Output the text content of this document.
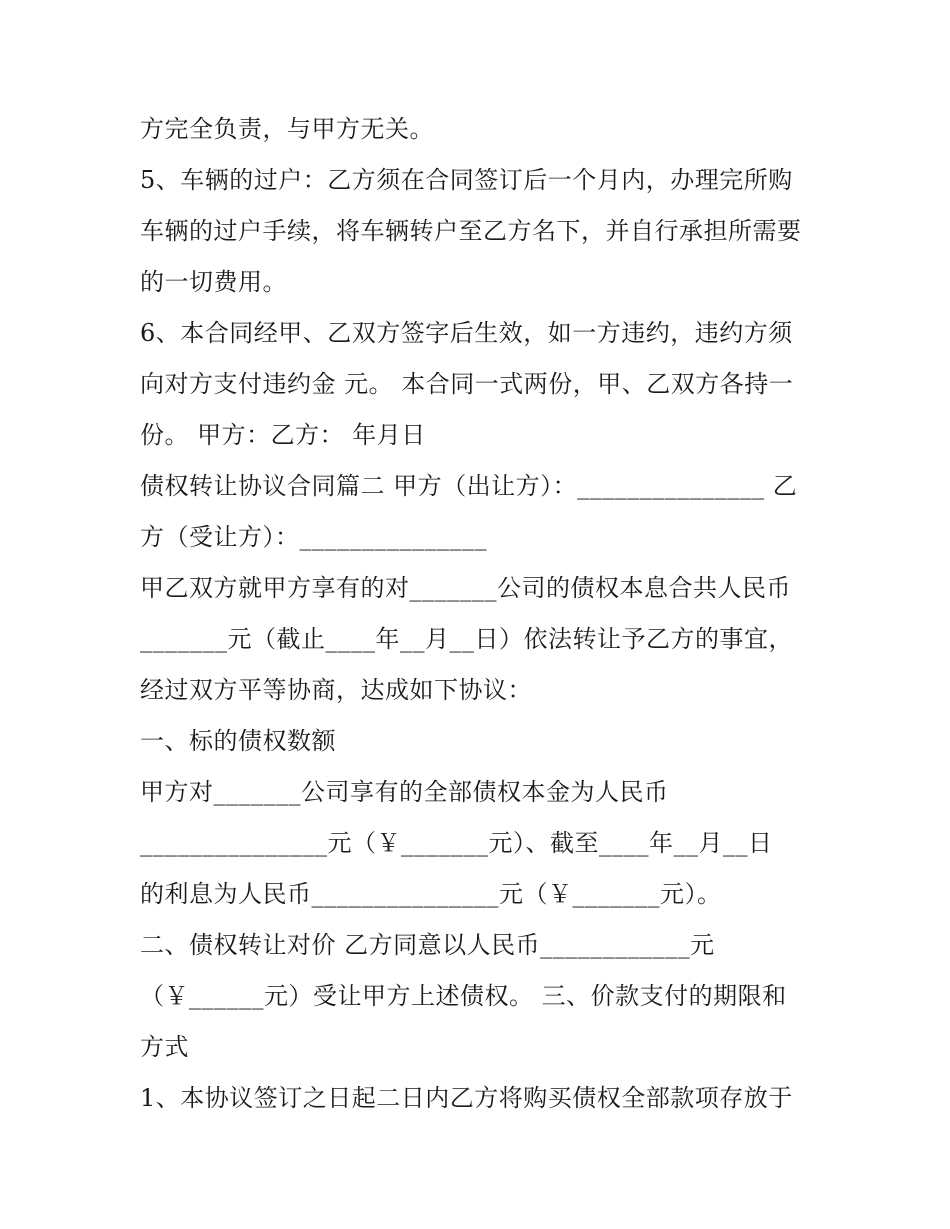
方完全负责，与甲方无关。
5、车辆的过户：乙方须在合同签订后一个月内，办理完所购
车辆的过户手续，将车辆转户至乙方名下，并自行承担所需要
的一切费用。
6、本合同经甲、乙双方签字后生效，如一方违约，违约方须
向对方支付违约金 元。 本合同一式两份，甲、乙双方各持一
份。 甲方：乙方： 年月日
债权转让协议合同篇二 甲方（出让方）：_______________ 乙
方（受让方）：_______________
甲乙双方就甲方享有的对_______公司的债权本息合共人民币
_______元（截止____年__月__日）依法转让予乙方的事宜，
经过双方平等协商，达成如下协议：
一、标的债权数额
甲方对_______公司享有的全部债权本金为人民币
_______________元（￥_______元）、截至____年__月__日
的利息为人民币_______________元（￥_______元）。
二、债权转让对价 乙方同意以人民币____________元
（￥______元）受让甲方上述债权。 三、价款支付的期限和
方式
1、本协议签订之日起二日内乙方将购买债权全部款项存放于
